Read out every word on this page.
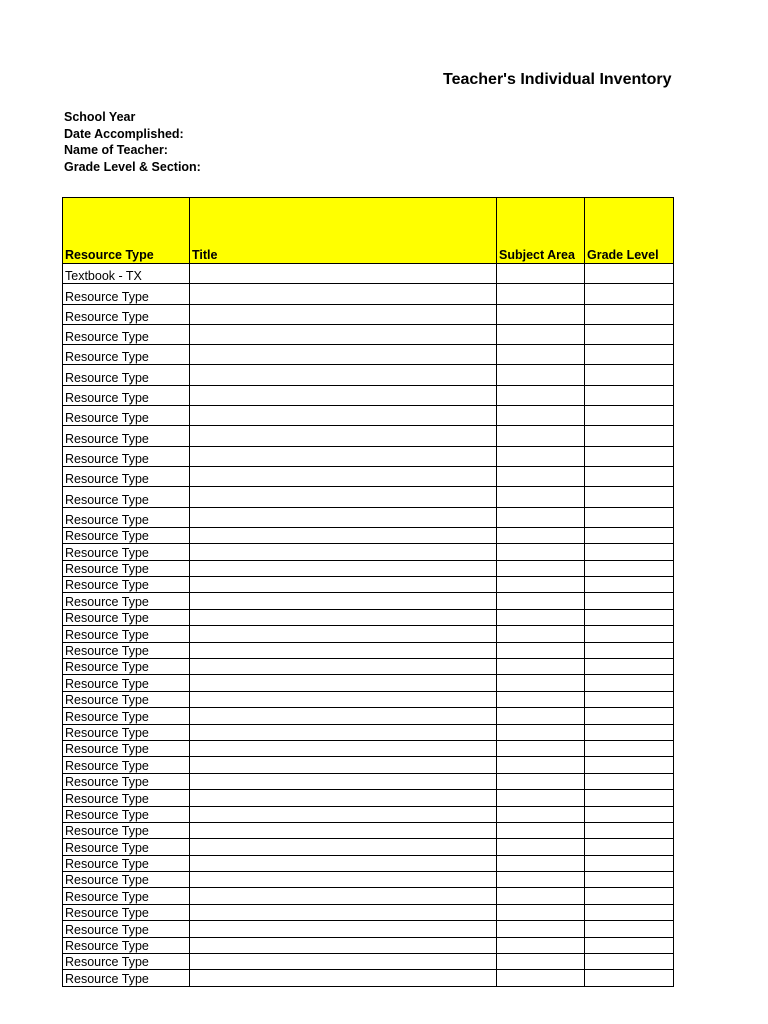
Teacher's Individual Inventory
School Year
Date Accomplished:
Name of Teacher:
Grade Level & Section:
Resource Type	Title	Subject Area	Grade Level
Textbook - TX			
Resource Type			
Resource Type			
Resource Type			
Resource Type			
Resource Type			
Resource Type			
Resource Type			
Resource Type			
Resource Type			
Resource Type			
Resource Type			
Resource Type			
Resource Type			
Resource Type			
Resource Type			
Resource Type			
Resource Type			
Resource Type			
Resource Type			
Resource Type			
Resource Type			
Resource Type			
Resource Type			
Resource Type			
Resource Type			
Resource Type			
Resource Type			
Resource Type			
Resource Type			
Resource Type			
Resource Type			
Resource Type			
Resource Type			
Resource Type			
Resource Type			
Resource Type			
Resource Type			
Resource Type			
Resource Type			
Resource Type			
